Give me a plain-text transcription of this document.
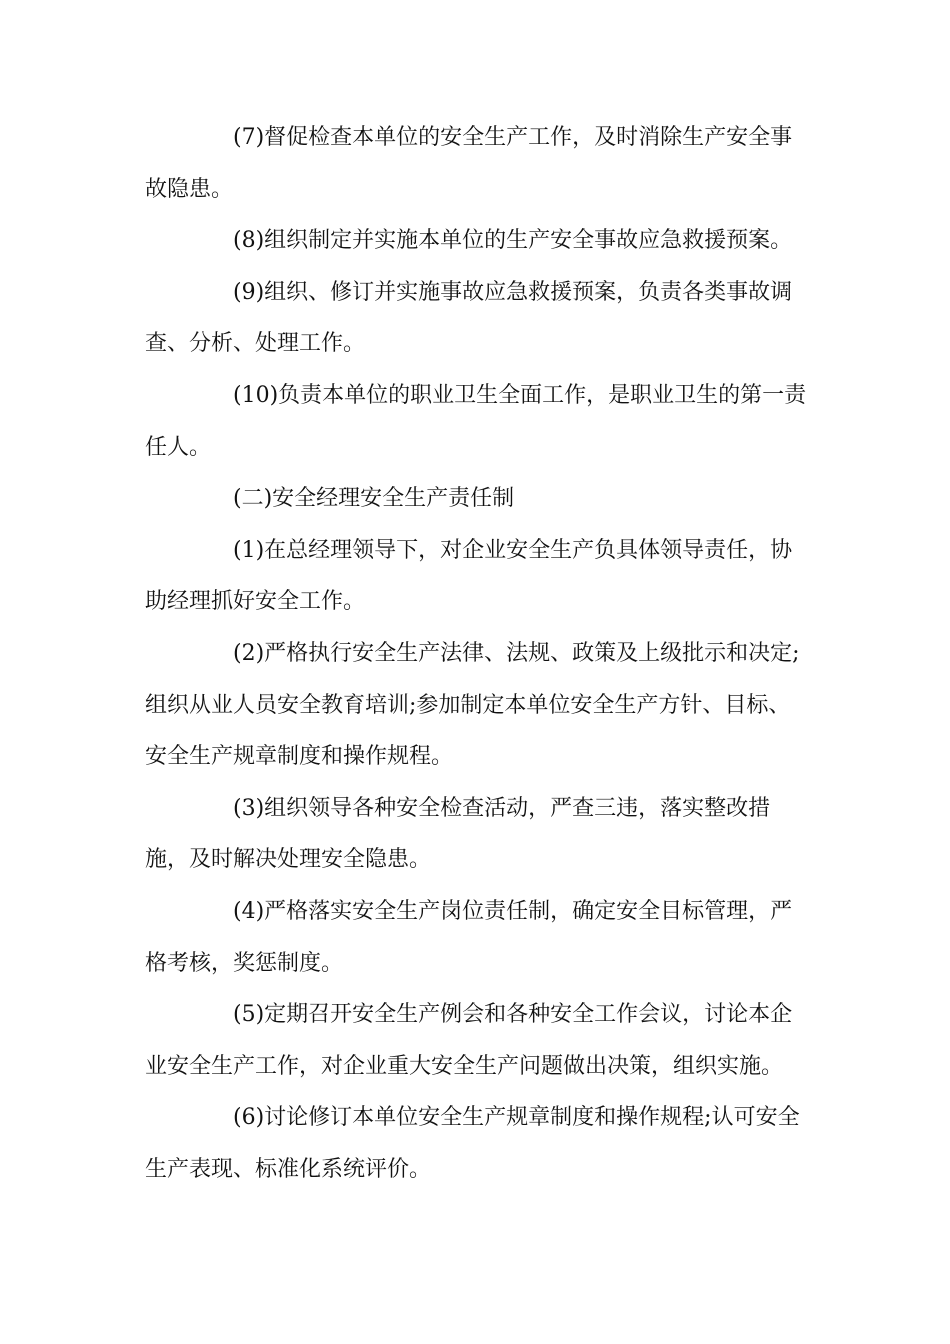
(7)督促检查本单位的安全生产工作，及时消除生产安全事
故隐患。

(8)组织制定并实施本单位的生产安全事故应急救援预案。

(9)组织、修订并实施事故应急救援预案，负责各类事故调
查、分析、处理工作。

(10)负责本单位的职业卫生全面工作，是职业卫生的第一责
任人。

(二)安全经理安全生产责任制

(1)在总经理领导下，对企业安全生产负具体领导责任，协
助经理抓好安全工作。

(2)严格执行安全生产法律、法规、政策及上级批示和决定;
组织从业人员安全教育培训;参加制定本单位安全生产方针、目标、
安全生产规章制度和操作规程。

(3)组织领导各种安全检查活动，严查三违，落实整改措
施，及时解决处理安全隐患。

(4)严格落实安全生产岗位责任制，确定安全目标管理，严
格考核，奖惩制度。

(5)定期召开安全生产例会和各种安全工作会议，讨论本企
业安全生产工作，对企业重大安全生产问题做出决策，组织实施。

(6)讨论修订本单位安全生产规章制度和操作规程;认可安全
生产表现、标准化系统评价。
